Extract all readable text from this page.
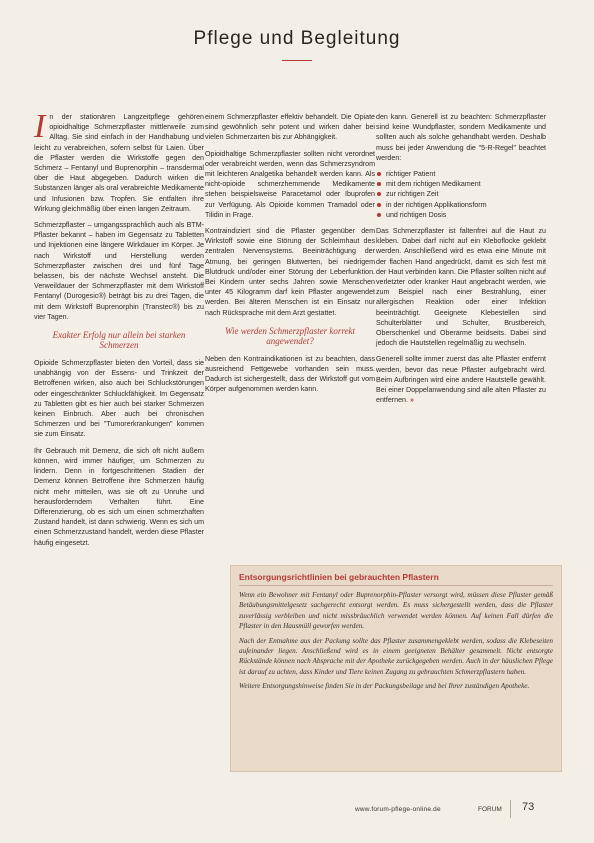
Pflege und Begleitung

In der stationären Langzeitpflege gehören opioidhaltige Schmerzpflaster mittlerweile zum Alltag. Sie sind einfach in der Handhabung und leicht zu verabreichen, sofern selbst für Laien. Über die Pflaster werden die Wirkstoffe gegen den Schmerz – Fentanyl und Buprenorphin – transdermal über die Haut abgegeben. Dadurch wirken die Substanzen länger als oral verabreichte Medikamente und Infusionen bzw. Tropfen. Sie entfalten ihre Wirkung gleichmäßig über einen langen Zeitraum.

Schmerzpflaster – umgangssprachlich auch als BTM-Pflaster bekannt – haben im Gegensatz zu Tabletten und Injektionen eine längere Wirkdauer im Körper. Je nach Wirkstoff und Herstellung werden Schmerzpflaster zwischen drei und fünf Tage belassen, bis der nächste Wechsel ansteht. Die Verweildauer der Schmerzpflaster mit dem Wirkstoff Fentanyl (Durogesic®) beträgt bis zu drei Tagen, die mit dem Wirkstoff Buprenorphin (Transtec®) bis zu vier Tagen.

Exakter Erfolg nur allein bei starken Schmerzen

Opioide Schmerzpflaster bieten den Vorteil, dass sie unabhängig von der Essens- und Trinkzeit der Betroffenen wirken, also auch bei Schluckstörungen oder eingeschränkter Schluckfähigkeit. Im Gegensatz zu Tabletten gibt es hier auch bei starker Schmerzen keinen Einbruch. Aber auch bei chronischen Schmerzen und bei "Tumorerkrankungen" kommen sie zum Einsatz.

Ihr Gebrauch mit Demenz, die sich oft nicht äußern können, wird immer häufiger, um Schmerzen zu lindern. Denn in fortgeschrittenen Stadien der Demenz können Betroffene ihre Schmerzen häufig nicht mehr mitteilen, was sie oft zu Unruhe und herausforderndem Verhalten führt. Eine Differenzierung, ob es sich um einen schmerzhaften Zustand handelt, ist dann schwierig. Wenn es sich um einen Schmerzzustand handelt, werden diese Pflaster häufig eingesetzt.

einem Schmerzpflaster effektiv behandelt. Die Opiate sind gewöhnlich sehr potent und wirken daher bei vielen Schmerzarten bis zur Abhängigkeit.

Opioidhaltige Schmerzpflaster sollten nicht verordnet oder verabreicht werden, wenn das Schmerzsyndrom mit leichteren Analgetika behandelt werden kann. Als nicht-opioide schmerzhemmende Medikamente stehen beispielsweise Paracetamol oder Ibuprofen zur Verfügung. Als Opioide kommen Tramadol oder Tilidin in Frage.

Kontraindiziert sind die Pflaster gegenüber dem Wirkstoff sowie eine Störung der Schleimhaut des zentralen Nervensystems. Beeinträchtigung der Atmung, bei geringen Blutwerten, bei niedrigem Blutdruck und/oder einer Störung der Leberfunktion. Bei Kindern unter sechs Jahren sowie Menschen unter 45 Kilogramm darf kein Pflaster angewendet werden. Bei älteren Menschen ist ein Einsatz nur nach Rücksprache mit dem Arzt gestattet.

Wie werden Schmerzpflaster korrekt angewendet?

Neben den Kontraindikationen ist zu beachten, dass ausreichend Fettgewebe vorhanden sein muss. Dadurch ist sichergestellt, dass der Wirkstoff gut vom Körper aufgenommen werden kann.

den kann. Generell ist zu beachten: Schmerzpflaster sind keine Wundpflaster, sondern Medikamente und sollten auch als solche gehandhabt werden. Deshalb muss bei jeder Anwendung die "5-R-Regel" beachtet werden:

richtiger Patient
mit dem richtigen Medikament
zur richtigen Zeit
in der richtigen Applikationsform
und richtigen Dosis

Das Schmerzpflaster ist faltenfrei auf die Haut zu kleben. Dabei darf nicht auf ein Kleboflocke geklebt werden. Anschließend wird es etwa eine Minute mit der flachen Hand angedrückt, damit es sich fest mit der Haut verbinden kann. Die Pflaster sollten nicht auf verletzter oder kranker Haut angebracht werden, wie zum Beispiel nach einer Bestrahlung, einer allergischen Reaktion oder einer Infektion beeinträchtigt. Geeignete Klebestellen sind Schulterblätter und Schulter, Brustbereich, Oberschenkel und Oberarme beidseits. Dabei sind jedoch die Hautstellen regelmäßig zu wechseln.

Generell sollte immer zuerst das alte Pflaster entfernt werden, bevor das neue Pflaster aufgebracht wird. Beim Aufbringen wird eine andere Hautstelle gewählt. Bei einer Doppelanwendung sind alle alten Pflaster zu entfernen. »

Entsorgungsrichtlinien bei gebrauchten Pflastern

Wenn ein Bewohner mit Fentanyl oder Buprenorphin-Pflaster versorgt wird, müssen diese Pflaster gemäß Betäubungsmittelgesetz sachgerecht entsorgt werden. Es muss sichergestellt werden, dass die Pflaster zuverlässig verbleiben und nicht missbräuchlich verwendet werden können. Auf keinen Fall dürfen die Pflaster in den Hausmüll geworfen werden.

Nach der Entnahme aus der Packung sollte das Pflaster zusammengeklebt werden, sodass die Klebeseiten aufeinander liegen. Anschließend wird es in einem geeigneten Behälter gesammelt. Nicht entsorgte Rückstände können nach Absprache mit der Apotheke zurückgegeben werden. Auch in der häuslichen Pflege ist darauf zu achten, dass Kinder und Tiere keinen Zugang zu gebrauchten Schmerzpflastern haben.

Weitere Entsorgungshinweise finden Sie in der Packungsbeilage und bei Ihrer zuständigen Apotheke.

www.forum-pflege-online.de	FORUM 73
